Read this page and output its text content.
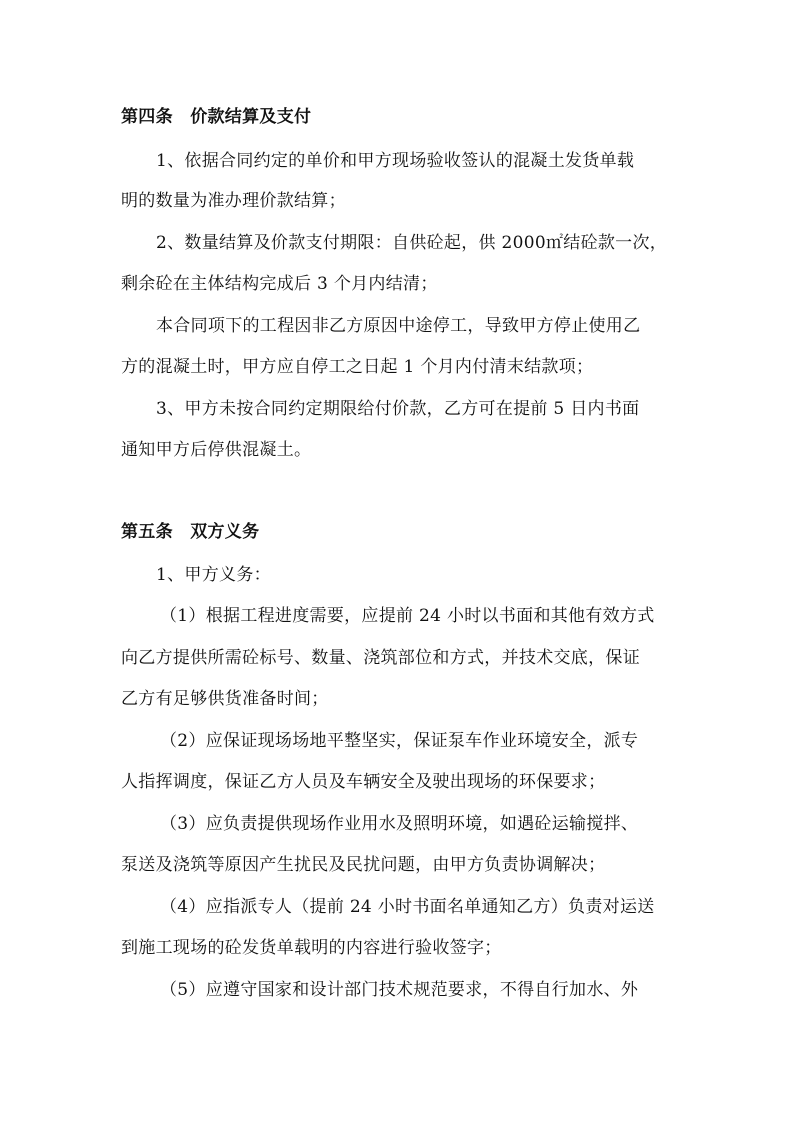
第四条　价款结算及支付
1、依据合同约定的单价和甲方现场验收签认的混凝土发货单载
明的数量为准办理价款结算；
2、数量结算及价款支付期限：自供砼起，供 2000㎡结砼款一次，
剩余砼在主体结构完成后 3 个月内结清；
本合同项下的工程因非乙方原因中途停工，导致甲方停止使用乙
方的混凝土时，甲方应自停工之日起 1 个月内付清末结款项；
3、甲方未按合同约定期限给付价款，乙方可在提前 5 日内书面
通知甲方后停供混凝土。
第五条　双方义务
1、甲方义务：
（1）根据工程进度需要，应提前 24 小时以书面和其他有效方式
向乙方提供所需砼标号、数量、浇筑部位和方式，并技术交底，保证
乙方有足够供货准备时间；
（2）应保证现场场地平整坚实，保证泵车作业环境安全，派专
人指挥调度，保证乙方人员及车辆安全及驶出现场的环保要求；
（3）应负责提供现场作业用水及照明环境，如遇砼运输搅拌、
泵送及浇筑等原因产生扰民及民扰问题，由甲方负责协调解决；
（4）应指派专人（提前 24 小时书面名单通知乙方）负责对运送
到施工现场的砼发货单载明的内容进行验收签字；
（5）应遵守国家和设计部门技术规范要求，不得自行加水、外
